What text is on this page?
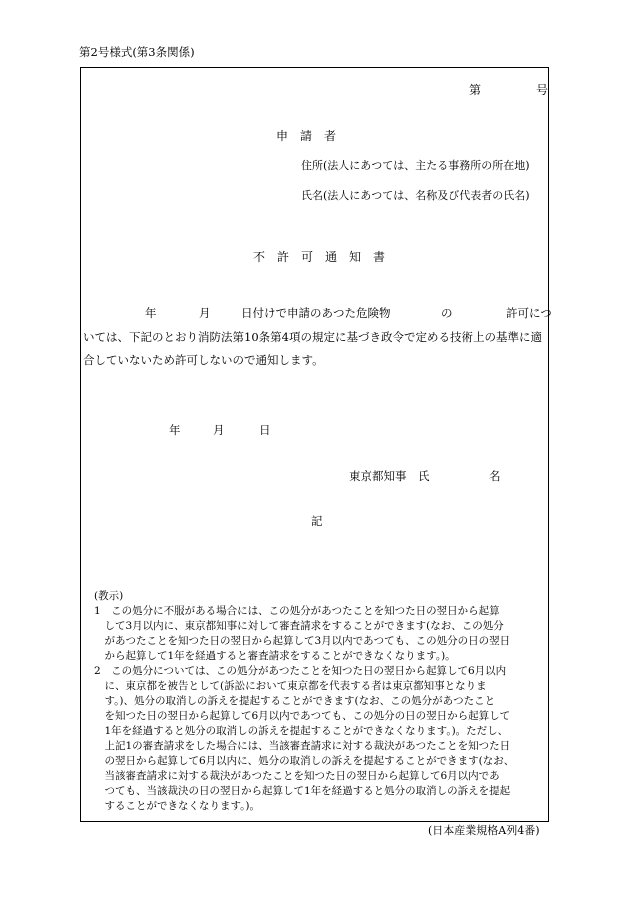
第2号様式(第3条関係)
第	号
申　請　者
住所(法人にあつては、主たる事務所の所在地)
氏名(法人にあつては、名称及び代表者の氏名)
不　許　可　通　知　書
年	月	日付けで申請のあつた危険物	の	許可につ
いては、下記のとおり消防法第10条第4項の規定に基づき政令で定める技術上の基準に適
合していないため許可しないので通知します。
年	月	日
東京都知事　氏	名
記
(教示)
1　この処分に不服がある場合には、この処分があつたことを知つた日の翌日から起算
　して3月以内に、東京都知事に対して審査請求をすることができます(なお、この処分
　があつたことを知つた日の翌日から起算して3月以内であつても、この処分の日の翌日
　から起算して1年を経過すると審査請求をすることができなくなります。)。
2　この処分については、この処分があつたことを知つた日の翌日から起算して6月以内
　に、東京都を被告として(訴訟において東京都を代表する者は東京都知事となりま
　す。)、処分の取消しの訴えを提起することができます(なお、この処分があつたこと
　を知つた日の翌日から起算して6月以内であつても、この処分の日の翌日から起算して
　1年を経過すると処分の取消しの訴えを提起することができなくなります。)。ただし、
　上記1の審査請求をした場合には、当該審査請求に対する裁決があつたことを知つた日
　の翌日から起算して6月以内に、処分の取消しの訴えを提起することができます(なお、
　当該審査請求に対する裁決があつたことを知つた日の翌日から起算して6月以内であ
　つても、当該裁決の日の翌日から起算して1年を経過すると処分の取消しの訴えを提起
　することができなくなります。)。
(日本産業規格A列4番)
